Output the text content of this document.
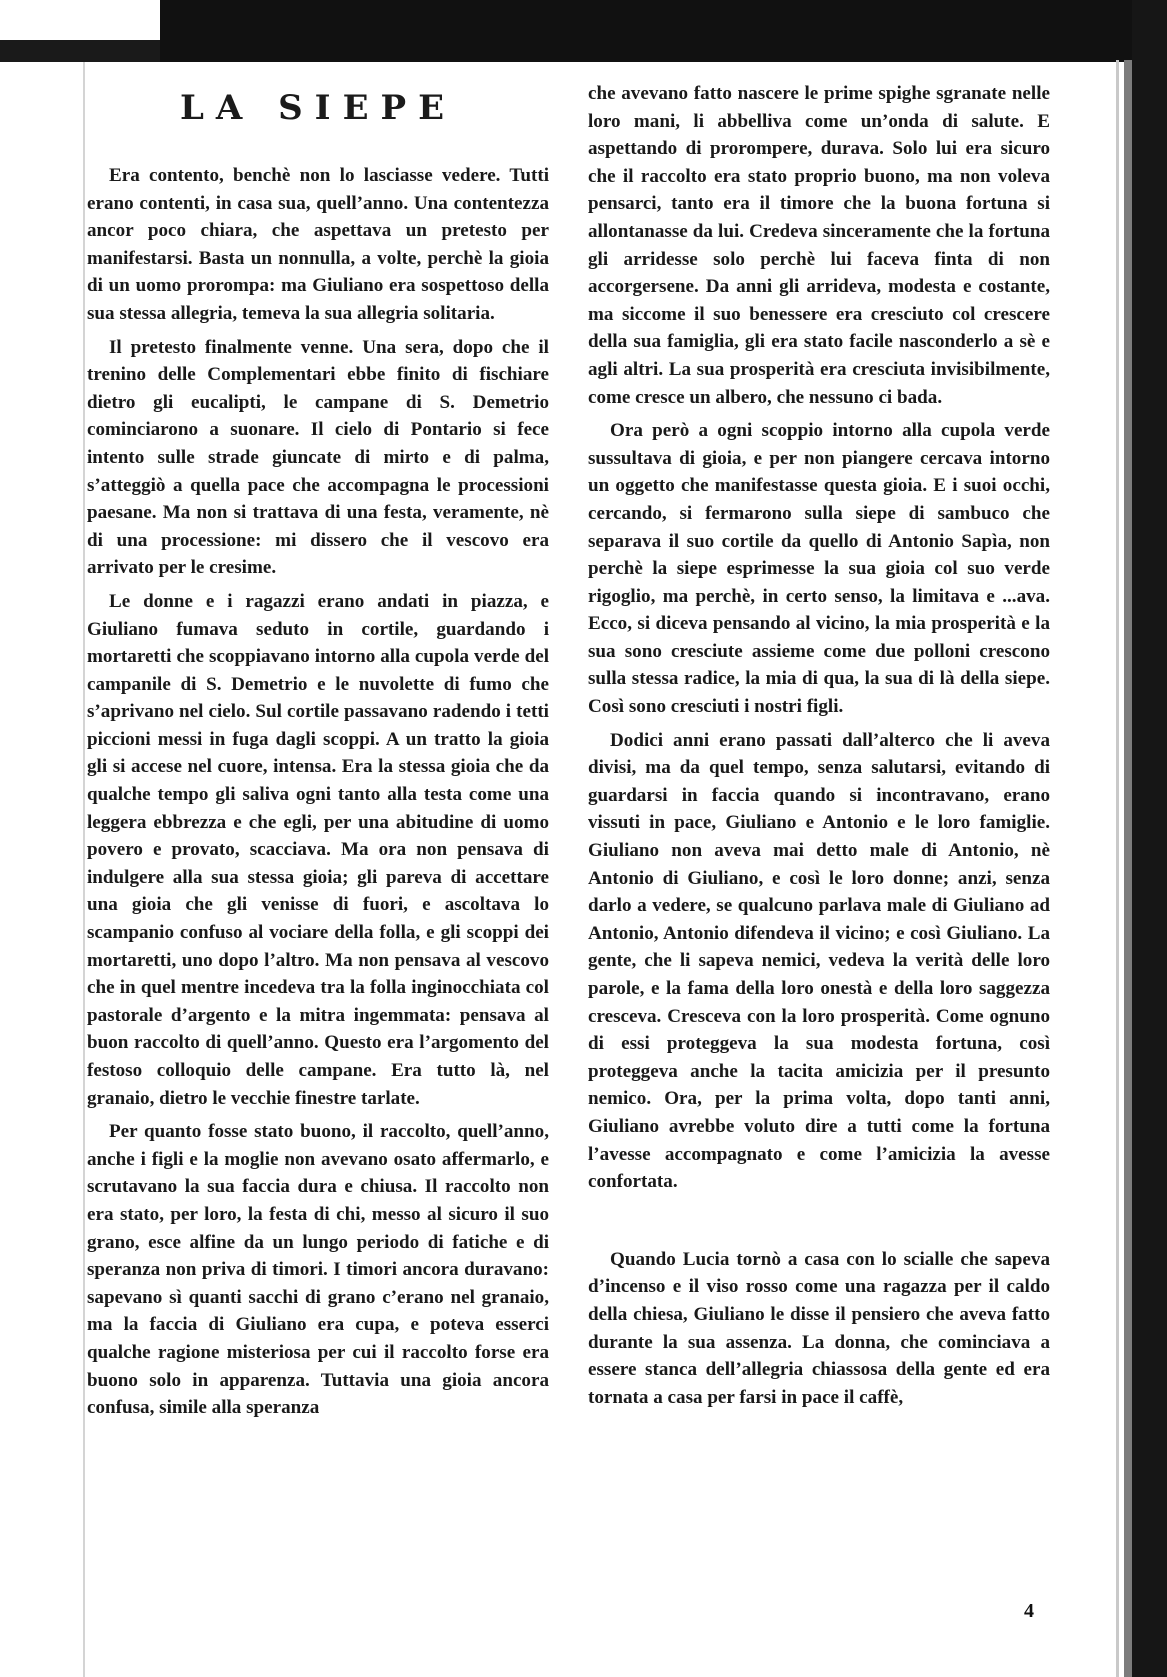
LA SIEPE

Era contento, benchè non lo lasciasse vedere. Tutti erano contenti, in casa sua, quell’anno. Una contentezza ancor poco chiara, che aspettava un pretesto per manifestarsi. Basta un nonnulla, a volte, perchè la gioia di un uomo prorompa: ma Giuliano era sospettoso della sua stessa allegria, temeva la sua allegria solitaria.

Il pretesto finalmente venne. Una sera, dopo che il trenino delle Complementari ebbe finito di fischiare dietro gli eucalipti, le campane di S. Demetrio cominciarono a suonare. Il cielo di Pontario si fece intento sulle strade giuncate di mirto e di palma, s’atteggiò a quella pace che accompagna le processioni paesane. Ma non si trattava di una festa, veramente, nè di una processione: mi dissero che il vescovo era arrivato per le cresime.

Le donne e i ragazzi erano andati in piazza, e Giuliano fumava seduto in cortile, guardando i mortaretti che scoppiavano intorno alla cupola verde del campanile di S. Demetrio e le nuvolette di fumo che s’aprivano nel cielo. Sul cortile passavano radendo i tetti piccioni messi in fuga dagli scoppi. A un tratto la gioia gli si accese nel cuore, intensa. Era la stessa gioia che da qualche tempo gli saliva ogni tanto alla testa come una leggera ebbrezza e che egli, per una abitudine di uomo povero e provato, scacciava. Ma ora non pensava di indulgere alla sua stessa gioia; gli pareva di accettare una gioia che gli venisse di fuori, e ascoltava lo scampanio confuso al vociare della folla, e gli scoppi dei mortaretti, uno dopo l’altro. Ma non pensava al vescovo che in quel mentre incedeva tra la folla inginocchiata col pastorale d’argento e la mitra ingemmata: pensava al buon raccolto di quell’anno. Questo era l’argomento del festoso colloquio delle campane. Era tutto là, nel granaio, dietro le vecchie finestre tarlate.

Per quanto fosse stato buono, il raccolto, quell’anno, anche i figli e la moglie non avevano osato affermarlo, e scrutavano la sua faccia dura e chiusa. Il raccolto non era stato, per loro, la festa di chi, messo al sicuro il suo grano, esce alfine da un lungo periodo di fatiche e di speranza non priva di timori. I timori ancora duravano: sapevano sì quanti sacchi di grano c’erano nel granaio, ma la faccia di Giuliano era cupa, e poteva esserci qualche ragione misteriosa per cui il raccolto forse era buono solo in apparenza. Tuttavia una gioia ancora confusa, simile alla speranza

che avevano fatto nascere le prime spighe sgranate nelle loro mani, li abbelliva come un’onda di salute. E aspettando di prorompere, durava. Solo lui era sicuro che il raccolto era stato proprio buono, ma non voleva pensarci, tanto era il timore che la buona fortuna si allontanasse da lui. Credeva sinceramente che la fortuna gli arridesse solo perchè lui faceva finta di non accorgersene. Da anni gli arrideva, modesta e costante, ma siccome il suo benessere era cresciuto col crescere della sua famiglia, gli era stato facile nasconderlo a sè e agli altri. La sua prosperità era cresciuta invisibilmente, come cresce un albero, che nessuno ci bada.

Ora però a ogni scoppio intorno alla cupola verde sussultava di gioia, e per non piangere cercava intorno un oggetto che manifestasse questa gioia. E i suoi occhi, cercando, si fermarono sulla siepe di sambuco che separava il suo cortile da quello di Antonio Sapìa, non perchè la siepe esprimesse la sua gioia col suo verde rigoglio, ma perchè, in certo senso, la limitava e ...ava. Ecco, si diceva pensando al vicino, la mia prosperità e la sua sono cresciute assieme come due polloni crescono sulla stessa radice, la mia di qua, la sua di là della siepe. Così sono cresciuti i nostri figli.

Dodici anni erano passati dall’alterco che li aveva divisi, ma da quel tempo, senza salutarsi, evitando di guardarsi in faccia quando si incontravano, erano vissuti in pace, Giuliano e Antonio e le loro famiglie. Giuliano non aveva mai detto male di Antonio, nè Antonio di Giuliano, e così le loro donne; anzi, senza darlo a vedere, se qualcuno parlava male di Giuliano ad Antonio, Antonio difendeva il vicino; e così Giuliano. La gente, che li sapeva nemici, vedeva la verità delle loro parole, e la fama della loro onestà e della loro saggezza cresceva. Cresceva con la loro prosperità. Come ognuno di essi proteggeva la sua modesta fortuna, così proteggeva anche la tacita amicizia per il presunto nemico. Ora, per la prima volta, dopo tanti anni, Giuliano avrebbe voluto dire a tutti come la fortuna l’avesse accompagnato e come l’amicizia la avesse confortata.

Quando Lucia tornò a casa con lo scialle che sapeva d’incenso e il viso rosso come una ragazza per il caldo della chiesa, Giuliano le disse il pensiero che aveva fatto durante la sua assenza. La donna, che cominciava a essere stanca dell’allegria chiassosa della gente ed era tornata a casa per farsi in pace il caffè,

4
